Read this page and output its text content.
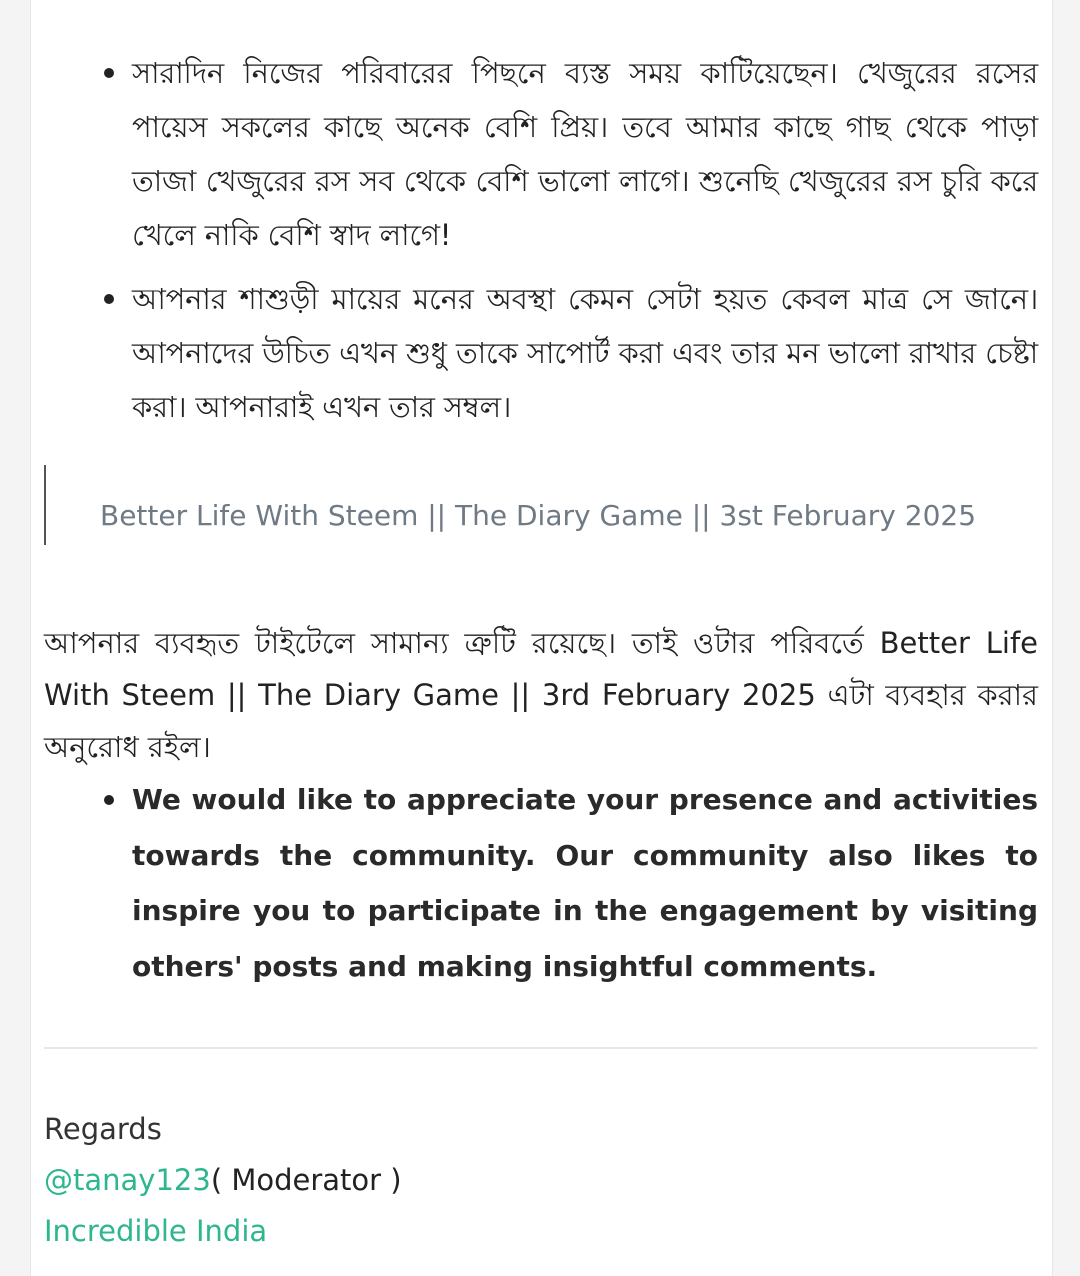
সারাদিন নিজের পরিবারের পিছনে ব্যস্ত সময় কাটিয়েছেন। খেজুরের রসের পায়েস সকলের কাছে অনেক বেশি প্রিয়। তবে আমার কাছে গাছ থেকে পাড়া তাজা খেজুরের রস সব থেকে বেশি ভালো লাগে। শুনেছি খেজুরের রস চুরি করে খেলে নাকি বেশি স্বাদ লাগে!
আপনার শাশুড়ী মায়ের মনের অবস্থা কেমন সেটা হয়ত কেবল মাত্র সে জানে। আপনাদের উচিত এখন শুধু তাকে সাপোর্ট করা এবং তার মন ভালো রাখার চেষ্টা করা। আপনারাই এখন তার সম্বল।
Better Life With Steem || The Diary Game || 3st February 2025

আপনার ব্যবহৃত টাইটেলে সামান্য ত্রুটি রয়েছে। তাই ওটার পরিবর্তে Better Life With Steem || The Diary Game || 3rd February 2025 এটা ব্যবহার করার অনুরোধ রইল।

We would like to appreciate your presence and activities towards the community. Our community also likes to inspire you to participate in the engagement by visiting others' posts and making insightful comments.
Regards
@tanay123( Moderator )
Incredible India
